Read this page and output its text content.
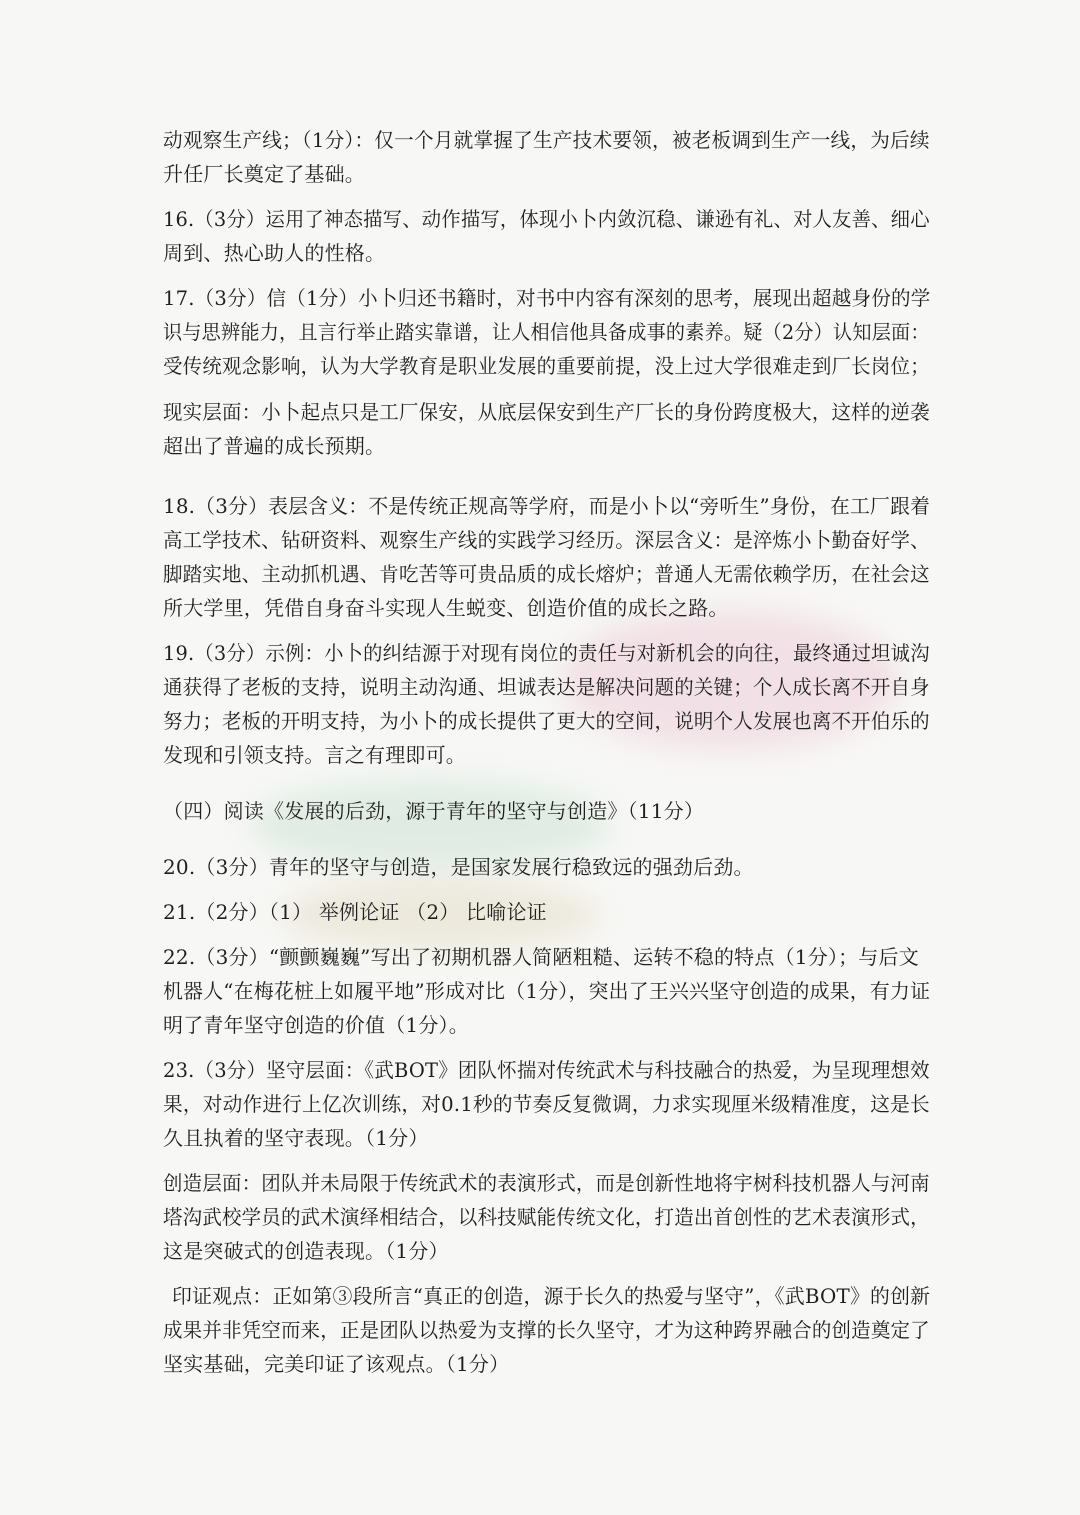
动观察生产线；（1分）：仅一个月就掌握了生产技术要领，被老板调到生产一线，为后续
升任厂长奠定了基础。
16.（3分）运用了神态描写、动作描写，体现小卜内敛沉稳、谦逊有礼、对人友善、细心
周到、热心助人的性格。
17.（3分）信（1分）小卜归还书籍时，对书中内容有深刻的思考，展现出超越身份的学
识与思辨能力，且言行举止踏实靠谱，让人相信他具备成事的素养。疑（2分）认知层面：
受传统观念影响，认为大学教育是职业发展的重要前提，没上过大学很难走到厂长岗位；
现实层面：小卜起点只是工厂保安，从底层保安到生产厂长的身份跨度极大，这样的逆袭
超出了普遍的成长预期。
18.（3分）表层含义：不是传统正规高等学府，而是小卜以“旁听生”身份，在工厂跟着
高工学技术、钻研资料、观察生产线的实践学习经历。深层含义：是淬炼小卜勤奋好学、
脚踏实地、主动抓机遇、肯吃苦等可贵品质的成长熔炉；普通人无需依赖学历，在社会这
所大学里，凭借自身奋斗实现人生蜕变、创造价值的成长之路。
19.（3分）示例：小卜的纠结源于对现有岗位的责任与对新机会的向往，最终通过坦诚沟
通获得了老板的支持，说明主动沟通、坦诚表达是解决问题的关键；个人成长离不开自身
努力；老板的开明支持，为小卜的成长提供了更大的空间，说明个人发展也离不开伯乐的
发现和引领支持。言之有理即可。
（四）阅读《发展的后劲，源于青年的坚守与创造》（11分）
20.（3分）青年的坚守与创造，是国家发展行稳致远的强劲后劲。
21.（2分）（1） 举例论证 （2） 比喻论证
22.（3分）“颤颤巍巍”写出了初期机器人简陋粗糙、运转不稳的特点（1分）；与后文
机器人“在梅花桩上如履平地”形成对比（1分），突出了王兴兴坚守创造的成果，有力证
明了青年坚守创造的价值（1分）。
23.（3分）坚守层面：《武BOT》团队怀揣对传统武术与科技融合的热爱，为呈现理想效
果，对动作进行上亿次训练，对0.1秒的节奏反复微调，力求实现厘米级精准度，这是长
久且执着的坚守表现。（1分）
创造层面：团队并未局限于传统武术的表演形式，而是创新性地将宇树科技机器人与河南
塔沟武校学员的武术演绎相结合，以科技赋能传统文化，打造出首创性的艺术表演形式，
这是突破式的创造表现。（1分）
印证观点：正如第③段所言“真正的创造，源于长久的热爱与坚守”，《武BOT》的创新
成果并非凭空而来，正是团队以热爱为支撑的长久坚守，才为这种跨界融合的创造奠定了
坚实基础，完美印证了该观点。（1分）
